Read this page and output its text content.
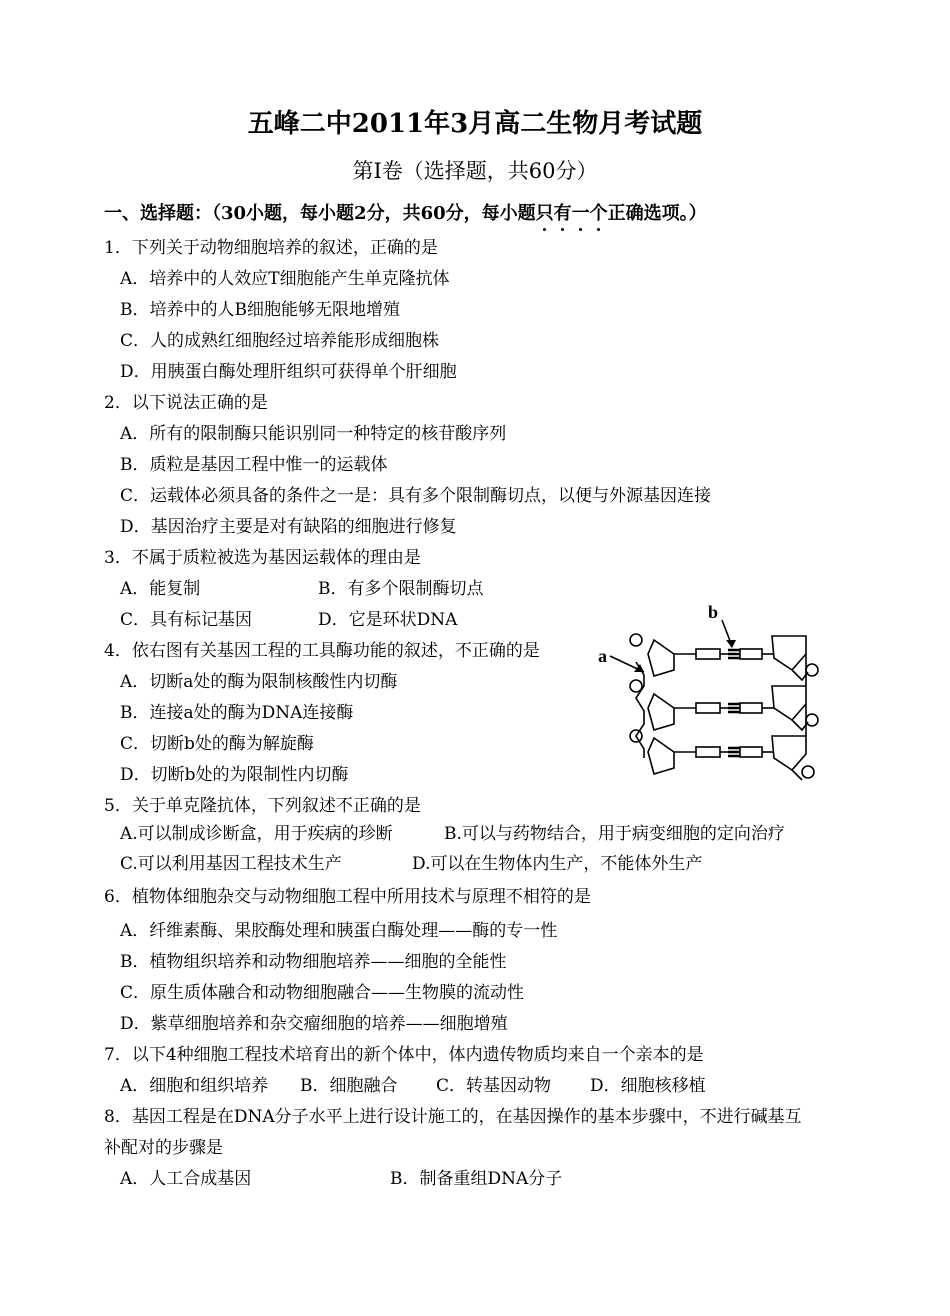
五峰二中2011年3月高二生物月考试题
第Ⅰ卷（选择题，共60分）
一、选择题：（30小题，每小题2分，共60分，每小题只有一个正确选项。）
1．下列关于动物细胞培养的叙述，正确的是
A．培养中的人效应T细胞能产生单克隆抗体
B．培养中的人B细胞能够无限地增殖
C．人的成熟红细胞经过培养能形成细胞株
D．用胰蛋白酶处理肝组织可获得单个肝细胞
2．以下说法正确的是
A．所有的限制酶只能识别同一种特定的核苷酸序列
B．质粒是基因工程中惟一的运载体
C．运载体必须具备的条件之一是：具有多个限制酶切点，以便与外源基因连接
D．基因治疗主要是对有缺陷的细胞进行修复
3．不属于质粒被选为基因运载体的理由是
A．能复制	B．有多个限制酶切点
C．具有标记基因	D．它是环状DNA
4．依右图有关基因工程的工具酶功能的叙述，不正确的是
A．切断a处的酶为限制核酸性内切酶
B．连接a处的酶为DNA连接酶
C．切断b处的酶为解旋酶
D．切断b处的为限制性内切酶
a
b
5．关于单克隆抗体，下列叙述不正确的是
A.可以制成诊断盒，用于疾病的珍断	B.可以与药物结合，用于病变细胞的定向治疗
C.可以利用基因工程技术生产	D.可以在生物体内生产，不能体外生产
6．植物体细胞杂交与动物细胞工程中所用技术与原理不相符的是
A．纤维素酶、果胶酶处理和胰蛋白酶处理——酶的专一性
B．植物组织培养和动物细胞培养——细胞的全能性
C．原生质体融合和动物细胞融合——生物膜的流动性
D．紫草细胞培养和杂交瘤细胞的培养——细胞增殖
7．以下4种细胞工程技术培育出的新个体中，体内遗传物质均来自一个亲本的是
A．细胞和组织培养 B．细胞融合 C．转基因动物 D．细胞核移植
8．基因工程是在DNA分子水平上进行设计施工的，在基因操作的基本步骤中，不进行碱基互
补配对的步骤是
A．人工合成基因	B．制备重组DNA分子
